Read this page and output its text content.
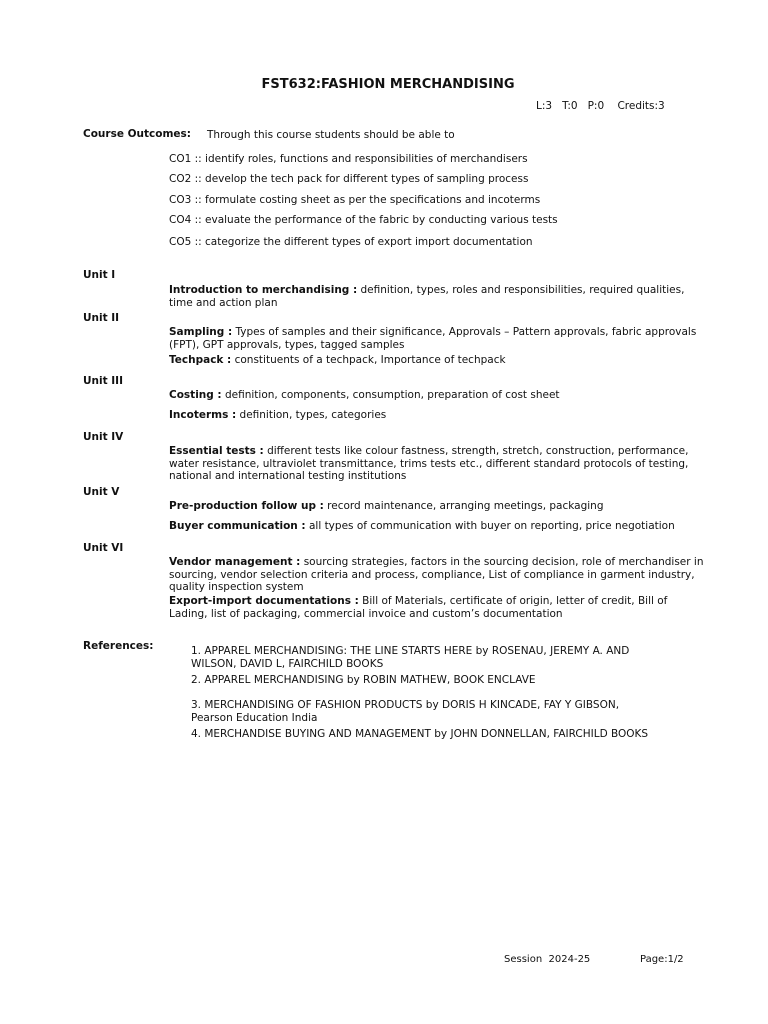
FST632:FASHION MERCHANDISING
L:3   T:0   P:0    Credits:3
Course Outcomes: Through this course students should be able to
CO1 :: identify roles, functions and responsibilities of merchandisers
CO2 :: develop the tech pack for different types of sampling process
CO3 :: formulate costing sheet as per the specifications and incoterms
CO4 :: evaluate the performance of the fabric by conducting various tests
CO5 :: categorize the different types of export import documentation
Unit I
Introduction to merchandising : definition, types, roles and responsibilities, required qualities, time and action plan
Unit II
Sampling : Types of samples and their significance, Approvals – Pattern approvals, fabric approvals (FPT), GPT approvals, types, tagged samples
Techpack : constituents of a techpack, Importance of techpack
Unit III
Costing : definition, components, consumption, preparation of cost sheet
Incoterms : definition, types, categories
Unit IV
Essential tests : different tests like colour fastness, strength, stretch, construction, performance, water resistance, ultraviolet transmittance, trims tests etc., different standard protocols of testing, national and international testing institutions
Unit V
Pre-production follow up : record maintenance, arranging meetings, packaging
Buyer communication : all types of communication with buyer on reporting, price negotiation
Unit VI
Vendor management : sourcing strategies, factors in the sourcing decision, role of merchandiser in sourcing, vendor selection criteria and process, compliance, List of compliance in garment industry, quality inspection system
Export-import documentations : Bill of Materials, certificate of origin, letter of credit, Bill of Lading, list of packaging, commercial invoice and custom’s documentation
References:	1. APPAREL MERCHANDISING: THE LINE STARTS HERE by ROSENAU, JEREMY A. AND WILSON, DAVID L, FAIRCHILD BOOKS
2. APPAREL MERCHANDISING by ROBIN MATHEW, BOOK ENCLAVE
3. MERCHANDISING OF FASHION PRODUCTS by DORIS H KINCADE, FAY Y GIBSON, Pearson Education India
4. MERCHANDISE BUYING AND MANAGEMENT by JOHN DONNELLAN, FAIRCHILD BOOKS
Session  2024-25	Page:1/2
